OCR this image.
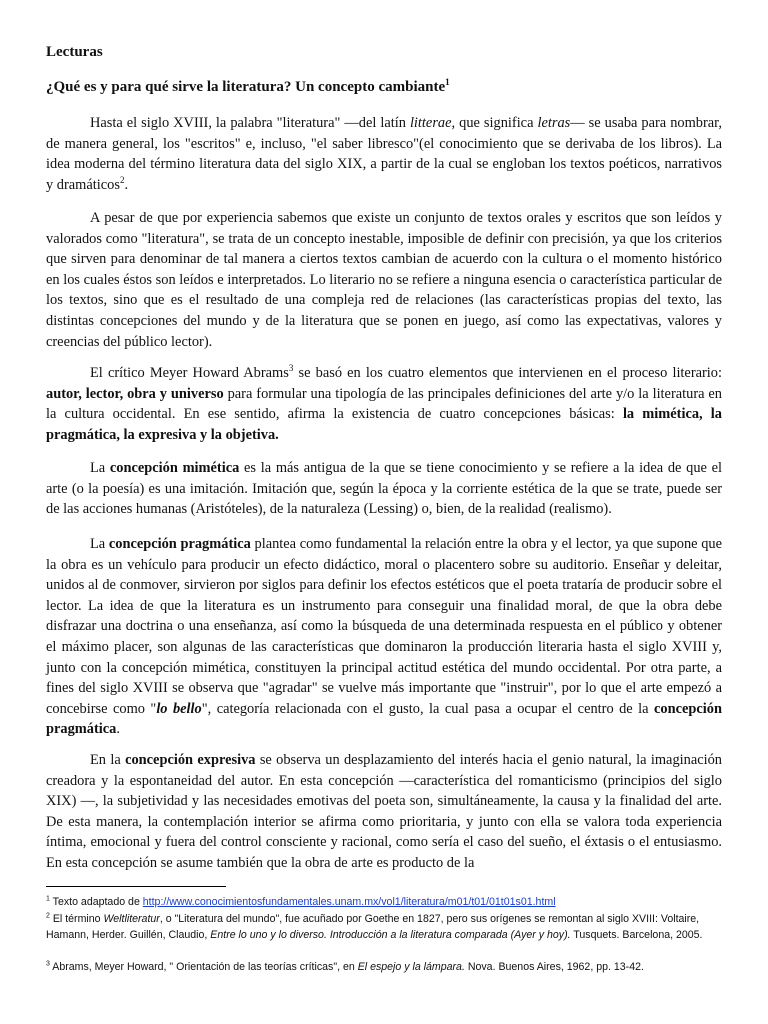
Lecturas
¿Qué es y para qué sirve la literatura? Un concepto cambiante$^1$

Hasta el siglo XVIII, la palabra "literatura" —del latín litterae, que significa letras— se usaba para nombrar, de manera general, los "escritos" e, incluso, "el saber libresco"(el conocimiento que se derivaba de los libros). La idea moderna del término literatura data del siglo XIX, a partir de la cual se engloban los textos poéticos, narrativos y dramáticos$^2$.

A pesar de que por experiencia sabemos que existe un conjunto de textos orales y escritos que son leídos y valorados como "literatura", se trata de un concepto inestable, imposible de definir con precisión, ya que los criterios que sirven para denominar de tal manera a ciertos textos cambian de acuerdo con la cultura o el momento histórico en los cuales éstos son leídos e interpretados. Lo literario no se refiere a ninguna esencia o característica particular de los textos, sino que es el resultado de una compleja red de relaciones (las características propias del texto, las distintas concepciones del mundo y de la literatura que se ponen en juego, así como las expectativas, valores y creencias del público lector).

El crítico Meyer Howard Abrams$^3$ se basó en los cuatro elementos que intervienen en el proceso literario: autor, lector, obra y universo para formular una tipología de las principales definiciones del arte y/o la literatura en la cultura occidental. En ese sentido, afirma la existencia de cuatro concepciones básicas: la mimética, la pragmática, la expresiva y la objetiva.

La concepción mimética es la más antigua de la que se tiene conocimiento y se refiere a la idea de que el arte (o la poesía) es una imitación. Imitación que, según la época y la corriente estética de la que se trate, puede ser de las acciones humanas (Aristóteles), de la naturaleza (Lessing) o, bien, de la realidad (realismo).

La concepción pragmática plantea como fundamental la relación entre la obra y el lector, ya que supone que la obra es un vehículo para producir un efecto didáctico, moral o placentero sobre su auditorio. Enseñar y deleitar, unidos al de conmover, sirvieron por siglos para definir los efectos estéticos que el poeta trataría de producir sobre el lector. La idea de que la literatura es un instrumento para conseguir una finalidad moral, de que la obra debe disfrazar una doctrina o una enseñanza, así como la búsqueda de una determinada respuesta en el público y obtener el máximo placer, son algunas de las características que dominaron la producción literaria hasta el siglo XVIII y, junto con la concepción mimética, constituyen la principal actitud estética del mundo occidental. Por otra parte, a fines del siglo XVIII se observa que "agradar" se vuelve más importante que "instruir", por lo que el arte empezó a concebirse como "lo bello", categoría relacionada con el gusto, la cual pasa a ocupar el centro de la concepción pragmática.

En la concepción expresiva se observa un desplazamiento del interés hacia el genio natural, la imaginación creadora y la espontaneidad del autor. En esta concepción —característica del romanticismo (principios del siglo XIX) —, la subjetividad y las necesidades emotivas del poeta son, simultáneamente, la causa y la finalidad del arte. De esta manera, la contemplación interior se afirma como prioritaria, y junto con ella se valora toda experiencia íntima, emocional y fuera del control consciente y racional, como sería el caso del sueño, el éxtasis o el entusiasmo. En esta concepción se asume también que la obra de arte es producto de la

$^1$ Texto adaptado de http://www.conocimientosfundamentales.unam.mx/vol1/literatura/m01/t01/01t01s01.html
$^2$ El término Weltliteratur, o "Literatura del mundo", fue acuñado por Goethe en 1827, pero sus orígenes se remontan al siglo XVIII: Voltaire, Hamann, Herder. Guillén, Claudio, Entre lo uno y lo diverso. Introducción a la literatura comparada (Ayer y hoy). Tusquets. Barcelona, 2005.
$^3$ Abrams, Meyer Howard, " Orientación de las teorías críticas", en El espejo y la lámpara. Nova. Buenos Aires, 1962, pp. 13-42.
